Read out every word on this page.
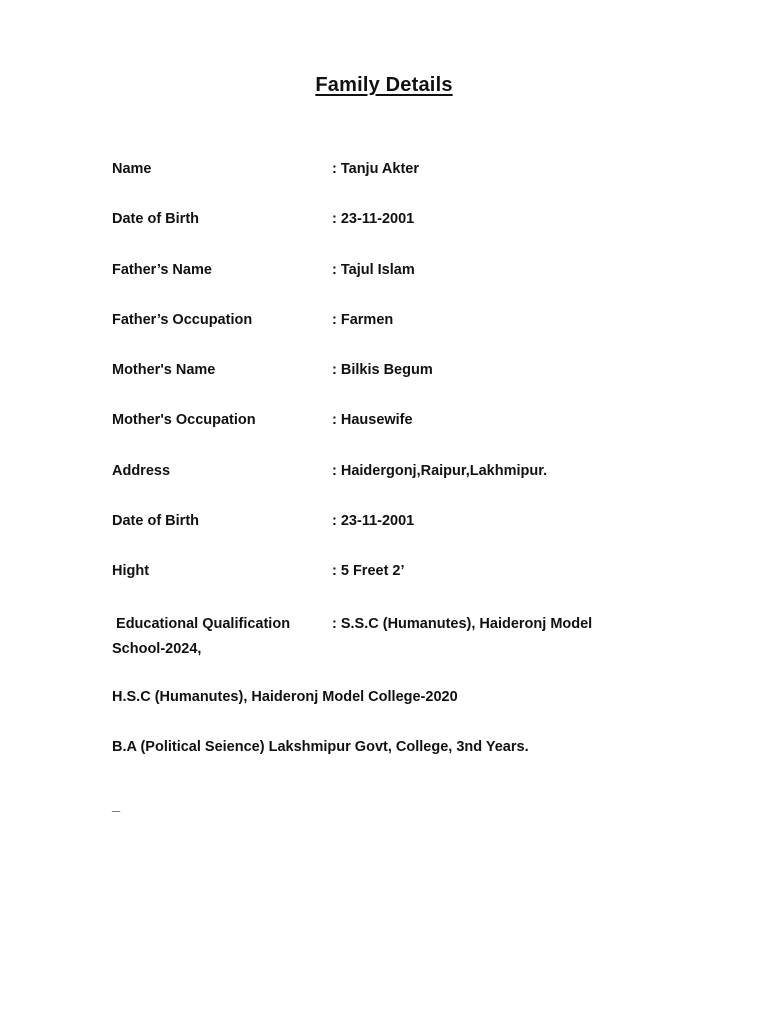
Family Details
Name	: Tanju Akter
Date of Birth	: 23-11-2001
Father’s Name	: Tajul Islam
Father’s Occupation	: Farmen
Mother's Name	: Bilkis Begum
Mother's Occupation	: Hausewife
Address	: Haidergonj,Raipur,Lakhmipur.
Date of Birth	: 23-11-2001
Hight	: 5 Freet 2’
Educational Qualification	: S.S.C (Humanutes), Haideronj Model
School-2024,
H.S.C (Humanutes), Haideronj Model College-2020
B.A (Political Seience) Lakshmipur Govt, College, 3nd Years.
_
